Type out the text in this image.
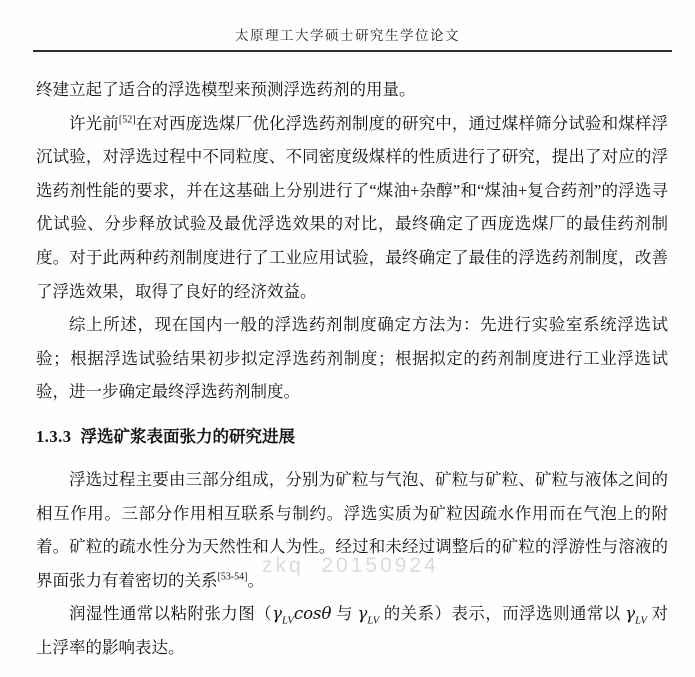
太原理工大学硕士研究生学位论文
zkq  20150924

终建立起了适合的浮选模型来预测浮选药剂的用量。

许光前[52]在对西庞选煤厂优化浮选药剂制度的研究中，通过煤样筛分试验和煤样浮沉试验，对浮选过程中不同粒度、不同密度级煤样的性质进行了研究，提出了对应的浮选药剂性能的要求，并在这基础上分别进行了“煤油+杂醇”和“煤油+复合药剂”的浮选寻优试验、分步释放试验及最优浮选效果的对比，最终确定了西庞选煤厂的最佳药剂制度。对于此两种药剂制度进行了工业应用试验，最终确定了最佳的浮选药剂制度，改善了浮选效果，取得了良好的经济效益。

综上所述，现在国内一般的浮选药剂制度确定方法为：先进行实验室系统浮选试验；根据浮选试验结果初步拟定浮选药剂制度；根据拟定的药剂制度进行工业浮选试验，进一步确定最终浮选药剂制度。

1.3.3 浮选矿浆表面张力的研究进展

浮选过程主要由三部分组成，分别为矿粒与气泡、矿粒与矿粒、矿粒与液体之间的相互作用。三部分作用相互联系与制约。浮选实质为矿粒因疏水作用而在气泡上的附着。矿粒的疏水性分为天然性和人为性。经过和未经过调整后的矿粒的浮游性与溶液的界面张力有着密切的关系[53-54]。

润湿性通常以粘附张力图（$\gamma_{LV}\cos\theta$ 与 $\gamma_{LV}$ 的关系）表示，而浮选则通常以 $\gamma_{LV}$ 对上浮率的影响表达。
